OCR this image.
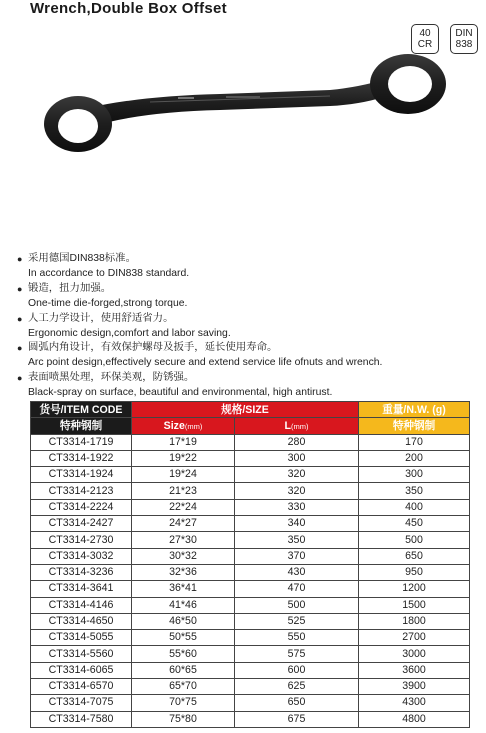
Wrench,Double Box Offset
40
CR
DIN
838
● 采用德国DIN838标准。
In accordance to DIN838 standard.
● 锻造，扭力加强。
One-time die-forged,strong torque.
● 人工力学设计，使用舒适省力。
Ergonomic design,comfort and labor saving.
● 圆弧内角设计，有效保护螺母及扳手，延长使用寿命。
Arc point design,effectively secure and extend service life ofnuts and wrench.
● 表面喷黑处理，环保美观，防锈强。
Black-spray on surface, beautiful and environmental, high antirust.
货号/ITEM CODE	规格/SIZE		重量/N.W. (g)
特种钢制	Size(mm)	L(mm)	特种钢制
CT3314-1719	17*19	280	170
CT3314-1922	19*22	300	200
CT3314-1924	19*24	320	300
CT3314-2123	21*23	320	350
CT3314-2224	22*24	330	400
CT3314-2427	24*27	340	450
CT3314-2730	27*30	350	500
CT3314-3032	30*32	370	650
CT3314-3236	32*36	430	950
CT3314-3641	36*41	470	1200
CT3314-4146	41*46	500	1500
CT3314-4650	46*50	525	1800
CT3314-5055	50*55	550	2700
CT3314-5560	55*60	575	3000
CT3314-6065	60*65	600	3600
CT3314-6570	65*70	625	3900
CT3314-7075	70*75	650	4300
CT3314-7580	75*80	675	4800
